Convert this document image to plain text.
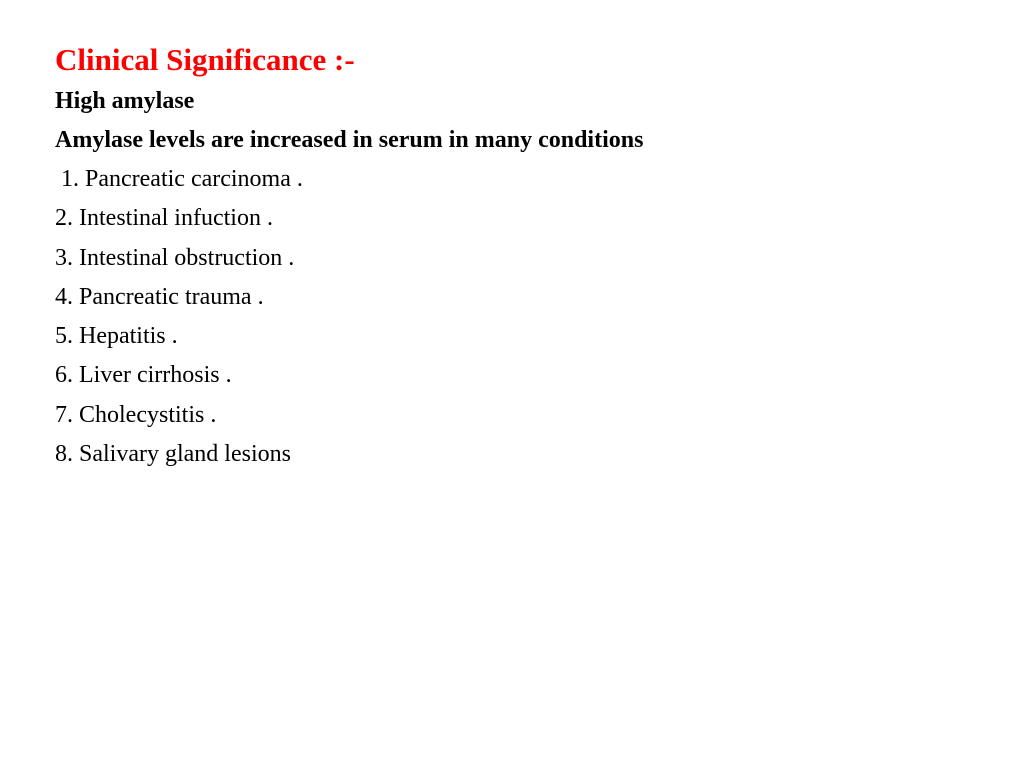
Clinical Significance :-

High amylase

Amylase levels are increased in serum in many conditions

1. Pancreatic carcinoma .
2. Intestinal infuction .
3. Intestinal obstruction .
4. Pancreatic trauma .
5. Hepatitis .
6. Liver cirrhosis .
7. Cholecystitis .
8. Salivary gland lesions
